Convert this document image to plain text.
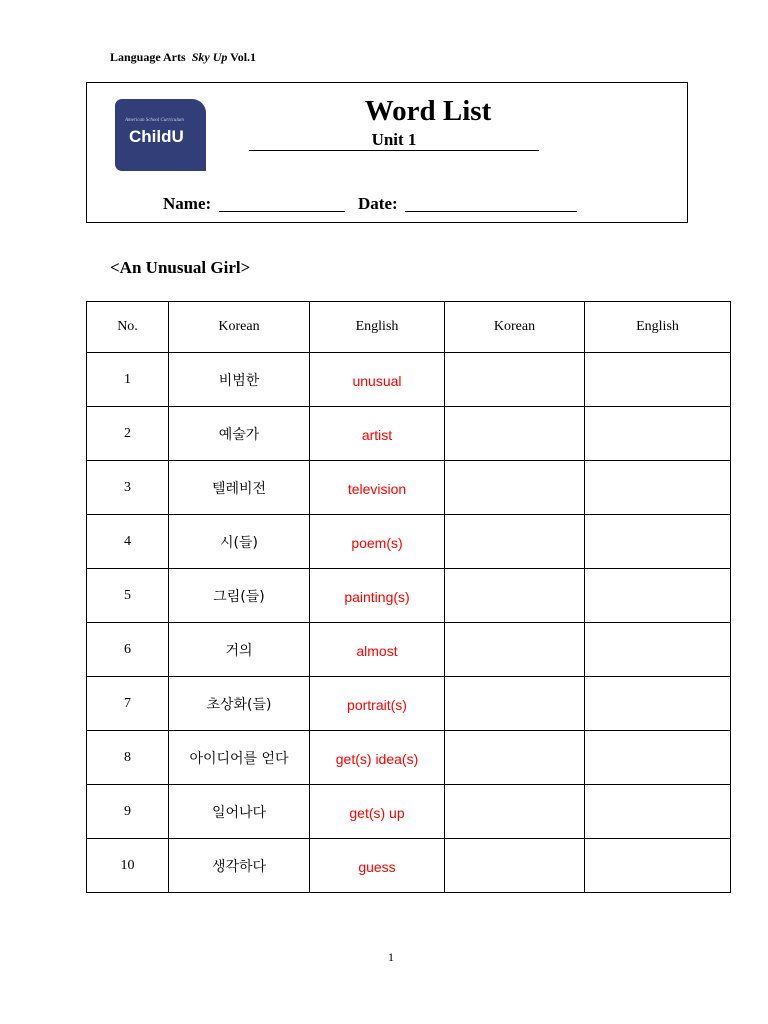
Language Arts Sky Up Vol.1
American School Curriculum
ChildU
Word List
Unit 1
Name:	Date:
<An Unusual Girl>
No.	Korean	English	Korean	English
1	비범한	unusual		
2	예술가	artist		
3	텔레비전	television		
4	시(들)	poem(s)		
5	그림(들)	painting(s)		
6	거의	almost		
7	초상화(들)	portrait(s)		
8	아이디어를 얻다	get(s) idea(s)		
9	일어나다	get(s) up		
10	생각하다	guess		
1
